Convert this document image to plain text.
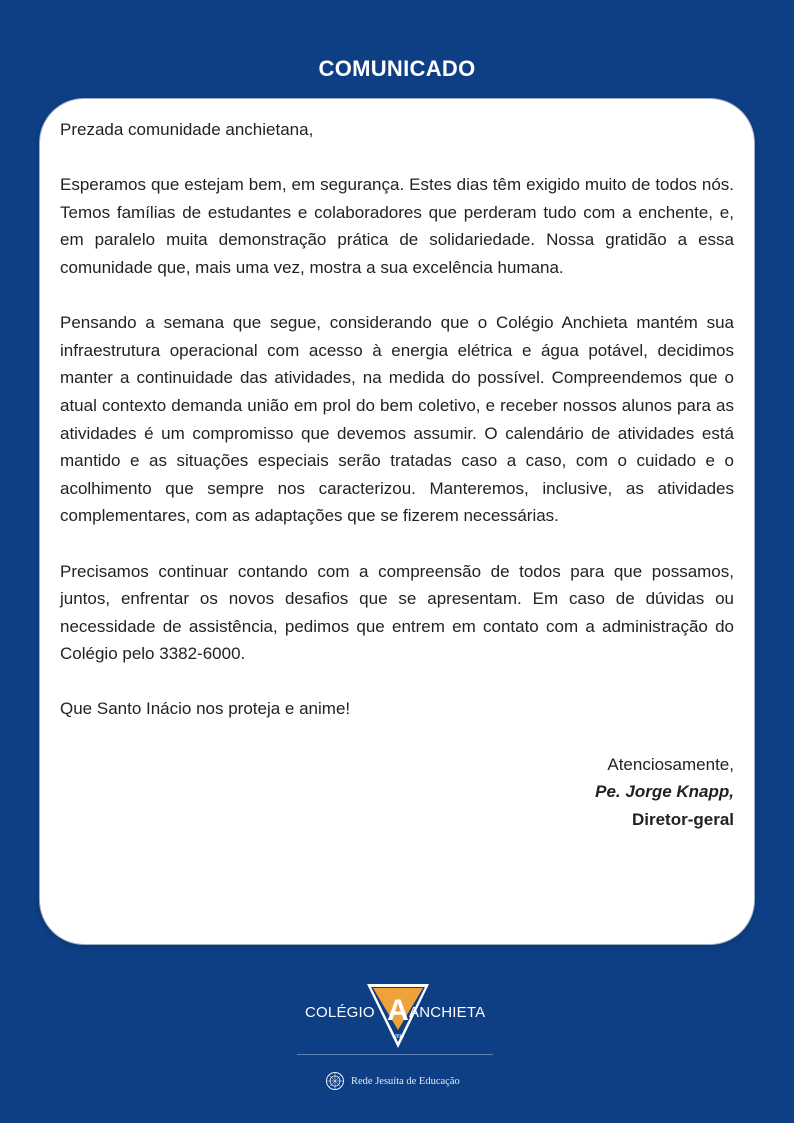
COMUNICADO

Prezada comunidade anchietana,

Esperamos que estejam bem, em segurança. Estes dias têm exigido muito de todos nós. Temos famílias de estudantes e colaboradores que perderam tudo com a enchente, e, em paralelo muita demonstração prática de solidariedade. Nossa gratidão a essa comunidade que, mais uma vez, mostra a sua excelência humana.

Pensando a semana que segue, considerando que o Colégio Anchieta mantém sua infraestrutura operacional com acesso à energia elétrica e água potável, decidimos manter a continuidade das atividades, na medida do possível. Compreendemos que o atual contexto demanda união em prol do bem coletivo, e receber nossos alunos para as atividades é um compromisso que devemos assumir. O calendário de atividades está mantido e as situações especiais serão tratadas caso a caso, com o cuidado e o acolhimento que sempre nos caracterizou. Manteremos, inclusive, as atividades complementares, com as adaptações que se fizerem necessárias.

Precisamos continuar contando com a compreensão de todos para que possamos, juntos, enfrentar os novos desafios que se apresentam. Em caso de dúvidas ou necessidade de assistência, pedimos que entrem em contato com a administração do Colégio pelo 3382-6000.

Que Santo Inácio nos proteja e anime!

Atenciosamente,
Pe. Jorge Knapp,
Diretor-geral
A
1890
COLÉGIO ANCHIETA
Rede Jesuíta de Educação
